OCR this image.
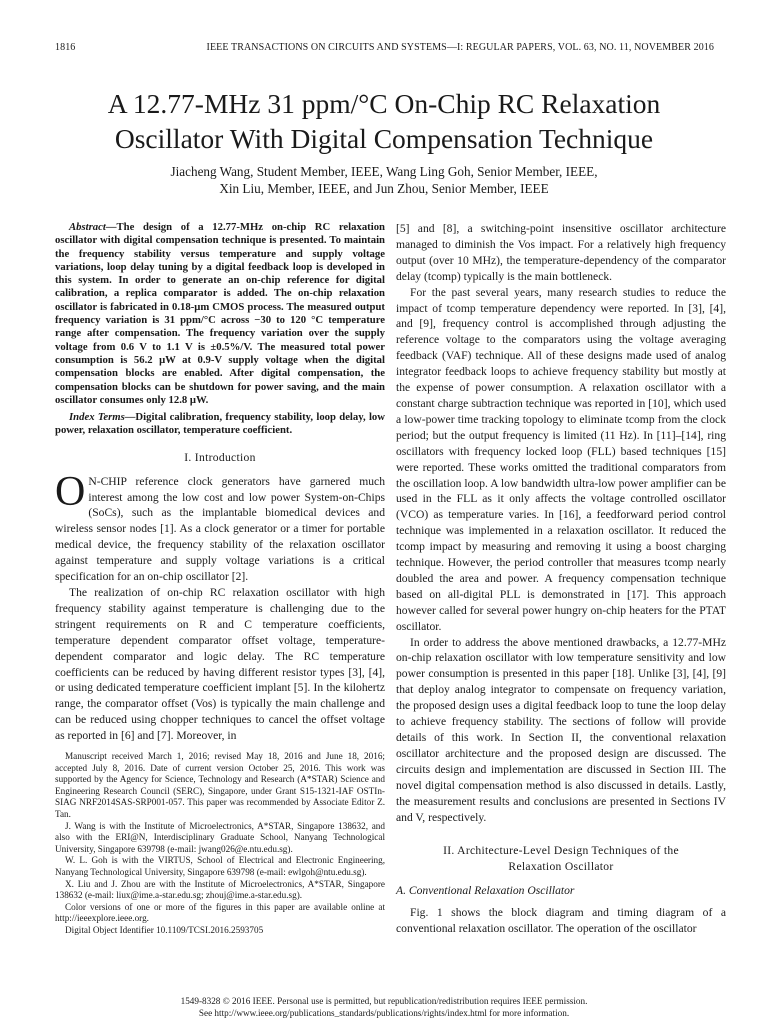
1816	IEEE TRANSACTIONS ON CIRCUITS AND SYSTEMS—I: REGULAR PAPERS, VOL. 63, NO. 11, NOVEMBER 2016
A 12.77-MHz 31 ppm/°C On-Chip RC Relaxation
Oscillator With Digital Compensation Technique
Jiacheng Wang, Student Member, IEEE, Wang Ling Goh, Senior Member, IEEE,
Xin Liu, Member, IEEE, and Jun Zhou, Senior Member, IEEE

Abstract—The design of a 12.77-MHz on-chip RC relaxation oscillator with digital compensation technique is presented. To maintain the frequency stability versus temperature and supply voltage variations, loop delay tuning by a digital feedback loop is developed in this system. In order to generate an on-chip reference for digital calibration, a replica comparator is added. The on-chip relaxation oscillator is fabricated in 0.18-μm CMOS process. The measured output frequency variation is 31 ppm/°C across −30 to 120 °C temperature range after compensation. The frequency variation over the supply voltage from 0.6 V to 1.1 V is ±0.5%/V. The measured total power consumption is 56.2 μW at 0.9-V supply voltage when the digital compensation blocks are enabled. After digital compensation, the compensation blocks can be shutdown for power saving, and the main oscillator consumes only 12.8 μW.

Index Terms—Digital calibration, frequency stability, loop delay, low power, relaxation oscillator, temperature coefficient.

I. Introduction

O N-CHIP reference clock generators have garnered much interest among the low cost and low power System-on-Chips (SoCs), such as the implantable biomedical devices and wireless sensor nodes [1]. As a clock generator or a timer for portable medical device, the frequency stability of the relaxation oscillator against temperature and supply voltage variations is a critical specification for an on-chip oscillator [2].

The realization of on-chip RC relaxation oscillator with high frequency stability against temperature is challenging due to the stringent requirements on R and C temperature coefficients, temperature dependent comparator offset voltage, temperature-dependent comparator and logic delay. The RC temperature coefficients can be reduced by having different resistor types [3], [4], or using dedicated temperature coefficient implant [5]. In the kilohertz range, the comparator offset (Vos) is typically the main challenge and can be reduced using chopper techniques to cancel the offset voltage as reported in [6] and [7]. Moreover, in

Manuscript received March 1, 2016; revised May 18, 2016 and June 18, 2016; accepted July 8, 2016. Date of current version October 25, 2016. This work was supported by the Agency for Science, Technology and Research (A*STAR) Science and Engineering Research Council (SERC), Singapore, under Grant S15-1321-IAF OSTIn-SIAG NRF2014SAS-SRP001-057. This paper was recommended by Associate Editor Z. Tan.

J. Wang is with the Institute of Microelectronics, A*STAR, Singapore 138632, and also with the ERI@N, Interdisciplinary Graduate School, Nanyang Technological University, Singapore 639798 (e-mail: jwang026@e.ntu.edu.sg).

W. L. Goh is with the VIRTUS, School of Electrical and Electronic Engineering, Nanyang Technological University, Singapore 639798 (e-mail: ewlgoh@ntu.edu.sg).

X. Liu and J. Zhou are with the Institute of Microelectronics, A*STAR, Singapore 138632 (e-mail: liux@ime.a-star.edu.sg; zhouj@ime.a-star.edu.sg).

Color versions of one or more of the figures in this paper are available online at http://ieeexplore.ieee.org.

Digital Object Identifier 10.1109/TCSI.2016.2593705

[5] and [8], a switching-point insensitive oscillator architecture managed to diminish the Vos impact. For a relatively high frequency output (over 10 MHz), the temperature-dependency of the comparator delay (tcomp) typically is the main bottleneck.

For the past several years, many research studies to reduce the impact of tcomp temperature dependency were reported. In [3], [4], and [9], frequency control is accomplished through adjusting the reference voltage to the comparators using the voltage averaging feedback (VAF) technique. All of these designs made used of analog integrator feedback loops to achieve frequency stability but mostly at the expense of power consumption. A relaxation oscillator with a constant charge subtraction technique was reported in [10], which used a low-power time tracking topology to eliminate tcomp from the clock period; but the output frequency is limited (11 Hz). In [11]–[14], ring oscillators with frequency locked loop (FLL) based techniques [15] were reported. These works omitted the traditional comparators from the oscillation loop. A low bandwidth ultra-low power amplifier can be used in the FLL as it only affects the voltage controlled oscillator (VCO) as temperature varies. In [16], a feedforward period control technique was implemented in a relaxation oscillator. It reduced the tcomp impact by measuring and removing it using a boost charging technique. However, the period controller that measures tcomp nearly doubled the area and power. A frequency compensation technique based on all-digital PLL is demonstrated in [17]. This approach however called for several power hungry on-chip heaters for the PTAT oscillator.

In order to address the above mentioned drawbacks, a 12.77-MHz on-chip relaxation oscillator with low temperature sensitivity and low power consumption is presented in this paper [18]. Unlike [3], [4], [9] that deploy analog integrator to compensate on frequency variation, the proposed design uses a digital feedback loop to tune the loop delay to achieve frequency stability. The sections of follow will provide details of this work. In Section II, the conventional relaxation oscillator architecture and the proposed design are discussed. The circuits design and implementation are discussed in Section III. The novel digital compensation method is also discussed in details. Lastly, the measurement results and conclusions are presented in Sections IV and V, respectively.

II. Architecture-Level Design Techniques of the
Relaxation Oscillator
A. Conventional Relaxation Oscillator

Fig. 1 shows the block diagram and timing diagram of a conventional relaxation oscillator. The operation of the oscillator

1549-8328 © 2016 IEEE. Personal use is permitted, but republication/redistribution requires IEEE permission.
See http://www.ieee.org/publications_standards/publications/rights/index.html for more information.
